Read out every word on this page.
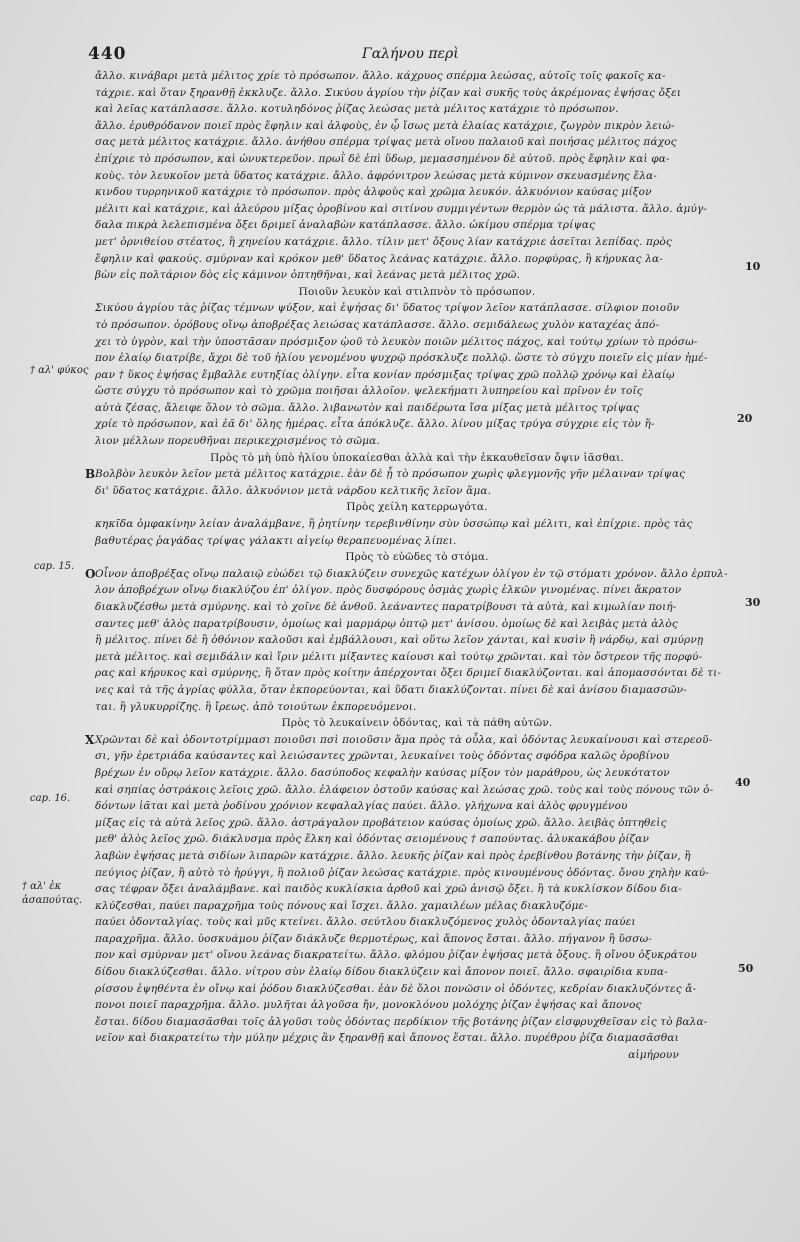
440	Γαλήνου περὶ
ἄλλο. κινάβαρι μετὰ μέλιτος χρίε τὸ πρόσωπον. ἄλλο. κάχρυος σπέρμα λεώσας, αὐτοῖς τοῖς φακοῖς κα-
τάχριε. καὶ ὅταν ξηρανθῇ ἐκκλυζε. ἄλλο. Σικύου ἀγρίου τὴν ῥίζαν καὶ συκῆς τοὺς ἀκρέμονας ἐψήσας ὄξει
καὶ λεῖας κατάπλασσε. ἄλλο. κοτυληδόνος ῥίζας λεώσας μετὰ μέλιτος κατάχριε τὸ πρόσωπον.
ἄλλο. ἐρυθρόδανον ποιεῖ πρὸς ἔφηλιν καὶ ἀλφοὺς, ἐν ᾧ ἴσως μετὰ ἐλαίας κατάχριε, ζωγρὸν πικρὸν λειώ-
σας μετὰ μέλιτος κατάχριε. ἄλλο. ἀνήθου σπέρμα τρίψας μετὰ οἴνου παλαιοῦ καὶ ποιήσας μέλιτος πάχος
ἐπίχριε τὸ πρόσωπον, καὶ ὠνυκτερεῦον. πρωῒ δὲ ἐπὶ ὕδωρ, μεμασσημένον δὲ αὐτοῦ. πρὸς ἔφηλιν καὶ φα-
κοὺς. τὸν λευκοῖον μετὰ ὕδατος κατάχριε. ἄλλο. ἀφρόνιτρον λεώσας μετὰ κύμινον σκευασμένης ἔλα-
κινδου τυρρηνικοῦ κατάχριε τὸ πρόσωπον. πρὸς ἀλφοὺς καὶ χρῶμα λευκόν. ἀλκυόνιον καύσας μίξον
μέλιτι καὶ κατάχριε, καὶ ἀλεύρου μίξας ὀροβίνου καὶ σιτίνου συμμιγέντων θερμὸν ὡς τὰ μάλιστα. ἄλλο. ἀμύγ-
δαλα πικρὰ λελεπισμένα ὄξει δριμεῖ ἀναλαβὼν κατάπλασσε. ἄλλο. ὠκίμου σπέρμα τρίψας
μετ' ὀρνιθείου στέατος, ἢ χηνείου κατάχριε. ἄλλο. τίλιν μετ' ὄξους λίαν κατάχριε ἀσεῖται λεπίδας. πρὸς
ἔφηλιν καὶ φακούς. σμύρναν καὶ κρόκον μεθ' ὕδατος λεάνας κατάχριε. ἄλλο. πορφύρας, ἢ κήρυκας λα-
βὼν εἰς πολτάριον δὸς εἰς κάμινον ὀπτηθῆναι, καὶ λεάνας μετὰ μέλιτος χρῶ.
Ποιοῦν λευκὸν καὶ στιλπνὸν τὸ πρόσωπον.
Σικύου ἀγρίου τὰς ῥίζας τέμνων ψύξον, καὶ ἑψήσας δι' ὕδατος τρίψον λεῖον κατάπλασσε. σίλφιον ποιοῦν
τὸ πρόσωπον. ὀρόβους οἴνῳ ἀποβρέξας λειώσας κατάπλασσε. ἄλλο. σεμιδάλεως χυλὸν καταχέας ἀπό-
χει τὸ ὑγρὸν, καὶ τὴν ὑποστᾶσαν πρόσμιξον ᾠοῦ τὸ λευκὸν ποιῶν μέλιτος πάχος, καὶ τούτῳ χρίων τὸ πρόσω-
πον ἐλαίῳ διατρίβε, ἄχρι δὲ τοῦ ἡλίου γενομένου ψυχρῷ πρόσκλυζε πολλῷ. ὥστε τὸ σύγχυ ποιεῖν εἰς μίαν ἡμέ-
ραν † ὕκος ἑψήσας ἔμβαλλε ευτηξίας ὀλίγην. εἶτα κονίαν πρόσμιξας τρίψας χρῶ πολλῷ χρόνῳ καὶ ἐλαίῳ
ὥστε σύγχυ τὸ πρόσωπον καὶ τὸ χρῶμα ποιῆσαι ἀλλοῖον. ψελεκήματι λυπηρείου καὶ πρῖνον ἐν τοῖς
αὐτὰ ζέσας, ἄλειφε ὅλον τὸ σῶμα. ἄλλο. λιβανωτὸν καὶ παιδέρωτα ἴσα μίξας μετὰ μέλιτος τρίψας
χρίε τὸ πρόσωπον, καὶ ἐᾶ δι' ὅλης ἡμέρας. εἶτα ἀπόκλυζε. ἄλλο. λίνου μίξας τρύγα σύγχριε εἰς τὸν ἥ-
λιον μέλλων πορευθῆναι περικεχρισμένος τὸ σῶμα.
Πρὸς τὸ μὴ ὑπὸ ἡλίου ὑποκαίεσθαι ἀλλὰ καὶ τὴν ἐκκαυθεῖσαν ὄψιν ἰᾶσθαι.
Β Βολβὸν λευκὸν λεῖον μετὰ μέλιτος κατάχριε. ἐὰν δὲ ᾖ τὸ πρόσωπον χωρὶς φλεγμονῆς γῆν μέλαιναν τρίψας
δι' ὕδατος κατάχριε. ἄλλο. ἀλκυόνιον μετὰ νάρδου κελτικῆς λεῖον ἅμα.
Πρὸς χείλη κατερρωγότα.
κηκῖδα ὀμφακίνην λείαν ἀναλάμβανε, ἢ ῥητίνην τερεβινθίνην σὺν ὑσσώπῳ καὶ μέλιτι, καὶ ἐπίχριε. πρὸς τὰς
βαθυτέρας ῥαγάδας τρίψας γάλακτι αἰγείῳ θεραπευομένας λίπει.
Πρὸς τὸ εὐῶδες τὸ στόμα.
Ο Οἶνον ἀποβρέξας οἴνῳ παλαιῷ εὐώδει τῷ διακλύζειν συνεχῶς κατέχων ὀλίγον ἐν τῷ στόματι χρόνον. ἄλλο ἑρπυλ-
λον ἀποβρέχων οἴνῳ διακλύζου ἐπ' ὀλίγον. πρὸς δυσφόρους ὀσμὰς χωρὶς ἑλκῶν γινομένας. πίνει ἄκρατον
διακλυζέσθω μετὰ σμύρνης. καὶ τὸ χοῖνε δὲ ἀνθοῦ. λεάναντες παρατρίβουσι τὰ αὐτὰ, καὶ κιμωλίαν ποιή-
σαντες μεθ' ἁλὸς παρατρίβουσιν, ὁμοίως καὶ μαρμάρῳ ὀπτῷ μετ' ἀνίσου. ὁμοίως δὲ καὶ λειβὰς μετὰ ἁλὸς
ἢ μέλιτος. πίνει δὲ ἢ ὀθόνιον καλοῦσι καὶ ἐμβάλλουσι, καὶ οὕτω λεῖον χάνται, καὶ κυσὶν ἢ νάρδῳ, καὶ σμύρνῃ
μετὰ μέλιτος. καὶ σεμιδάλιν καὶ ἴριν μέλιτι μίξαντες καίουσι καὶ τούτῳ χρῶνται. καὶ τὸν ὄστρεον τῆς πορφύ-
ρας καὶ κήρυκος καὶ σμύρνης, ἢ ὅταν πρὸς κοίτην ἀπέρχονται ὄξει δριμεῖ διακλύζονται. καὶ ἀπομασσόνται δὲ τι-
νες καὶ τὰ τῆς ἀγρίας φύλλα, ὅταν ἐκπορεύονται, καὶ ὕδατι διακλύζονται. πίνει δὲ καὶ ἀνίσου διαμασσῶν-
ται. ἢ γλυκυρρίζης. ἢ ἴρεως. ἀπὸ τοιούτων ἐκπορευόμενοι.
Πρὸς τὸ λευκαίνειν ὀδόντας, καὶ τὰ πάθη αὐτῶν.
Χ Χρῶνται δὲ καὶ ὀδοντοτρίμμασι ποιοῦσι πσὶ ποιοῦσιν ἅμα πρὸς τὰ οὖλα, καὶ ὀδόντας λευκαίνουσι καὶ στερεοῦ-
σι, γῆν ἐρετριάδα καύσαντες καὶ λειώσαντες χρῶνται, λευκαίνει τοὺς ὀδόντας σφόδρα καλῶς ὀροβίνου
βρέχων ἐν οὔρῳ λεῖον κατάχριε. ἄλλο. δασύποδος κεφαλὴν καύσας μίξον τὸν μαράθρου, ὡς λευκότατον
καὶ σηπίας ὀστράκοις λεῖοις χρῶ. ἄλλο. ἐλάφειον ὀστοῦν καύσας καὶ λεώσας χρῶ. τοὺς καὶ τοὺς πόνους τῶν ὀ-
δόντων ἰᾶται καὶ μετὰ ῥοδίνου χρόνιον κεφαλαλγίας παύει. ἄλλο. γλήχωνα καὶ ἁλὸς φρυγμένου
μίξας εἰς τὰ αὐτὰ λεῖος χρῶ. ἄλλο. ἀστράγαλον προβάτειον καύσας ὁμοίως χρῶ. ἄλλο. λειβὰς ὀπτηθεὶς
μεθ' ἁλὸς λεῖος χρῶ. διάκλυσμα πρὸς ἕλκη καὶ ὀδόντας σειομένους † σαπούντας. ἀλυκακάβου ῥίζαν
λαβὼν ἑψήσας μετὰ σιδίων λιπαρῶν κατάχριε. ἄλλο. λευκῆς ῥίζαν καὶ πρὸς ἐρεβίνθου βοτάνης τὴν ῥίζαν, ἢ
πεύγιος ῥίζαν, ἢ αὐτὸ τὸ ἠρύγγι, ἢ πολιοῦ ῥίζαν λεώσας κατάχριε. πρὸς κινουμένους ὀδόντας. ὄνου χηλὴν καύ-
σας τέφραν ὄξει ἀναλάμβανε. καὶ παιδὸς κυκλίσκια ἀρθοῦ καὶ χρῶ ἀνισῷ ὄξει. ἢ τὰ κυκλίσκον δίδου δια-
κλύζεσθαι, παύει παραχρῆμα τοὺς πόνους καὶ ἴσχει. ἄλλο. χαμαιλέων μέλας διακλυζόμε-
παύει ὀδονταλγίας. τοὺς καὶ μῦς κτείνει. ἄλλο. σεύτλου διακλυζόμενος χυλὸς ὀδονταλγίας παύει
παραχρῆμα. ἄλλο. ὑοσκυάμου ῥίζαν διάκλυζε θερμοτέρως, καὶ ἄπονος ἔσται. ἄλλο. πήγανον ἢ ὕσσω-
πον καὶ σμύρναν μετ' οἴνου λεάνας διακρατείτω. ἄλλο. φλόμου ῥίζαν ἑψήσας μετὰ ὄξους. ἢ οἴνου ὀξυκράτου
δίδου διακλύζεσθαι. ἄλλο. νίτρου σὺν ἐλαίῳ δίδου διακλύζειν καὶ ἄπονον ποιεῖ. ἄλλο. σφαιρίδια κυπα-
ρίσσου ἑψηθέντα ἐν οἴνῳ καὶ ῥόδου διακλύζεσθαι. ἐὰν δὲ ὅλοι πονῶσιν οἱ ὀδόντες, κεδρίαν διακλυζόντες ἄ-
πονοι ποιεῖ παραχρῆμα. ἄλλο. μυλῆται ἀλγοῦσα ἤν, μονοκλόνου μολόχης ῥίζαν ἑψήσας καὶ ἄπονος
ἔσται. δίδου διαμασᾶσθαι τοῖς ἀλγοῦσι τοὺς ὀδόντας περδίκιον τῆς βοτάνης ῥίζαν εἰσφρυχθεῖσαν εἰς τὸ βαλα-
νεῖον καὶ διακρατείτω τὴν μύλην μέχρις ἂν ξηρανθῇ καὶ ἄπονος ἔσται. ἄλλο. πυρέθρου ῥίζα διαμασᾶσθαι
αἱμήρουν
10
20
30
40
50
† αλ' φύκος
cap. 15.
cap. 16.
† αλ' ἐκ ἀσαπούτας.
